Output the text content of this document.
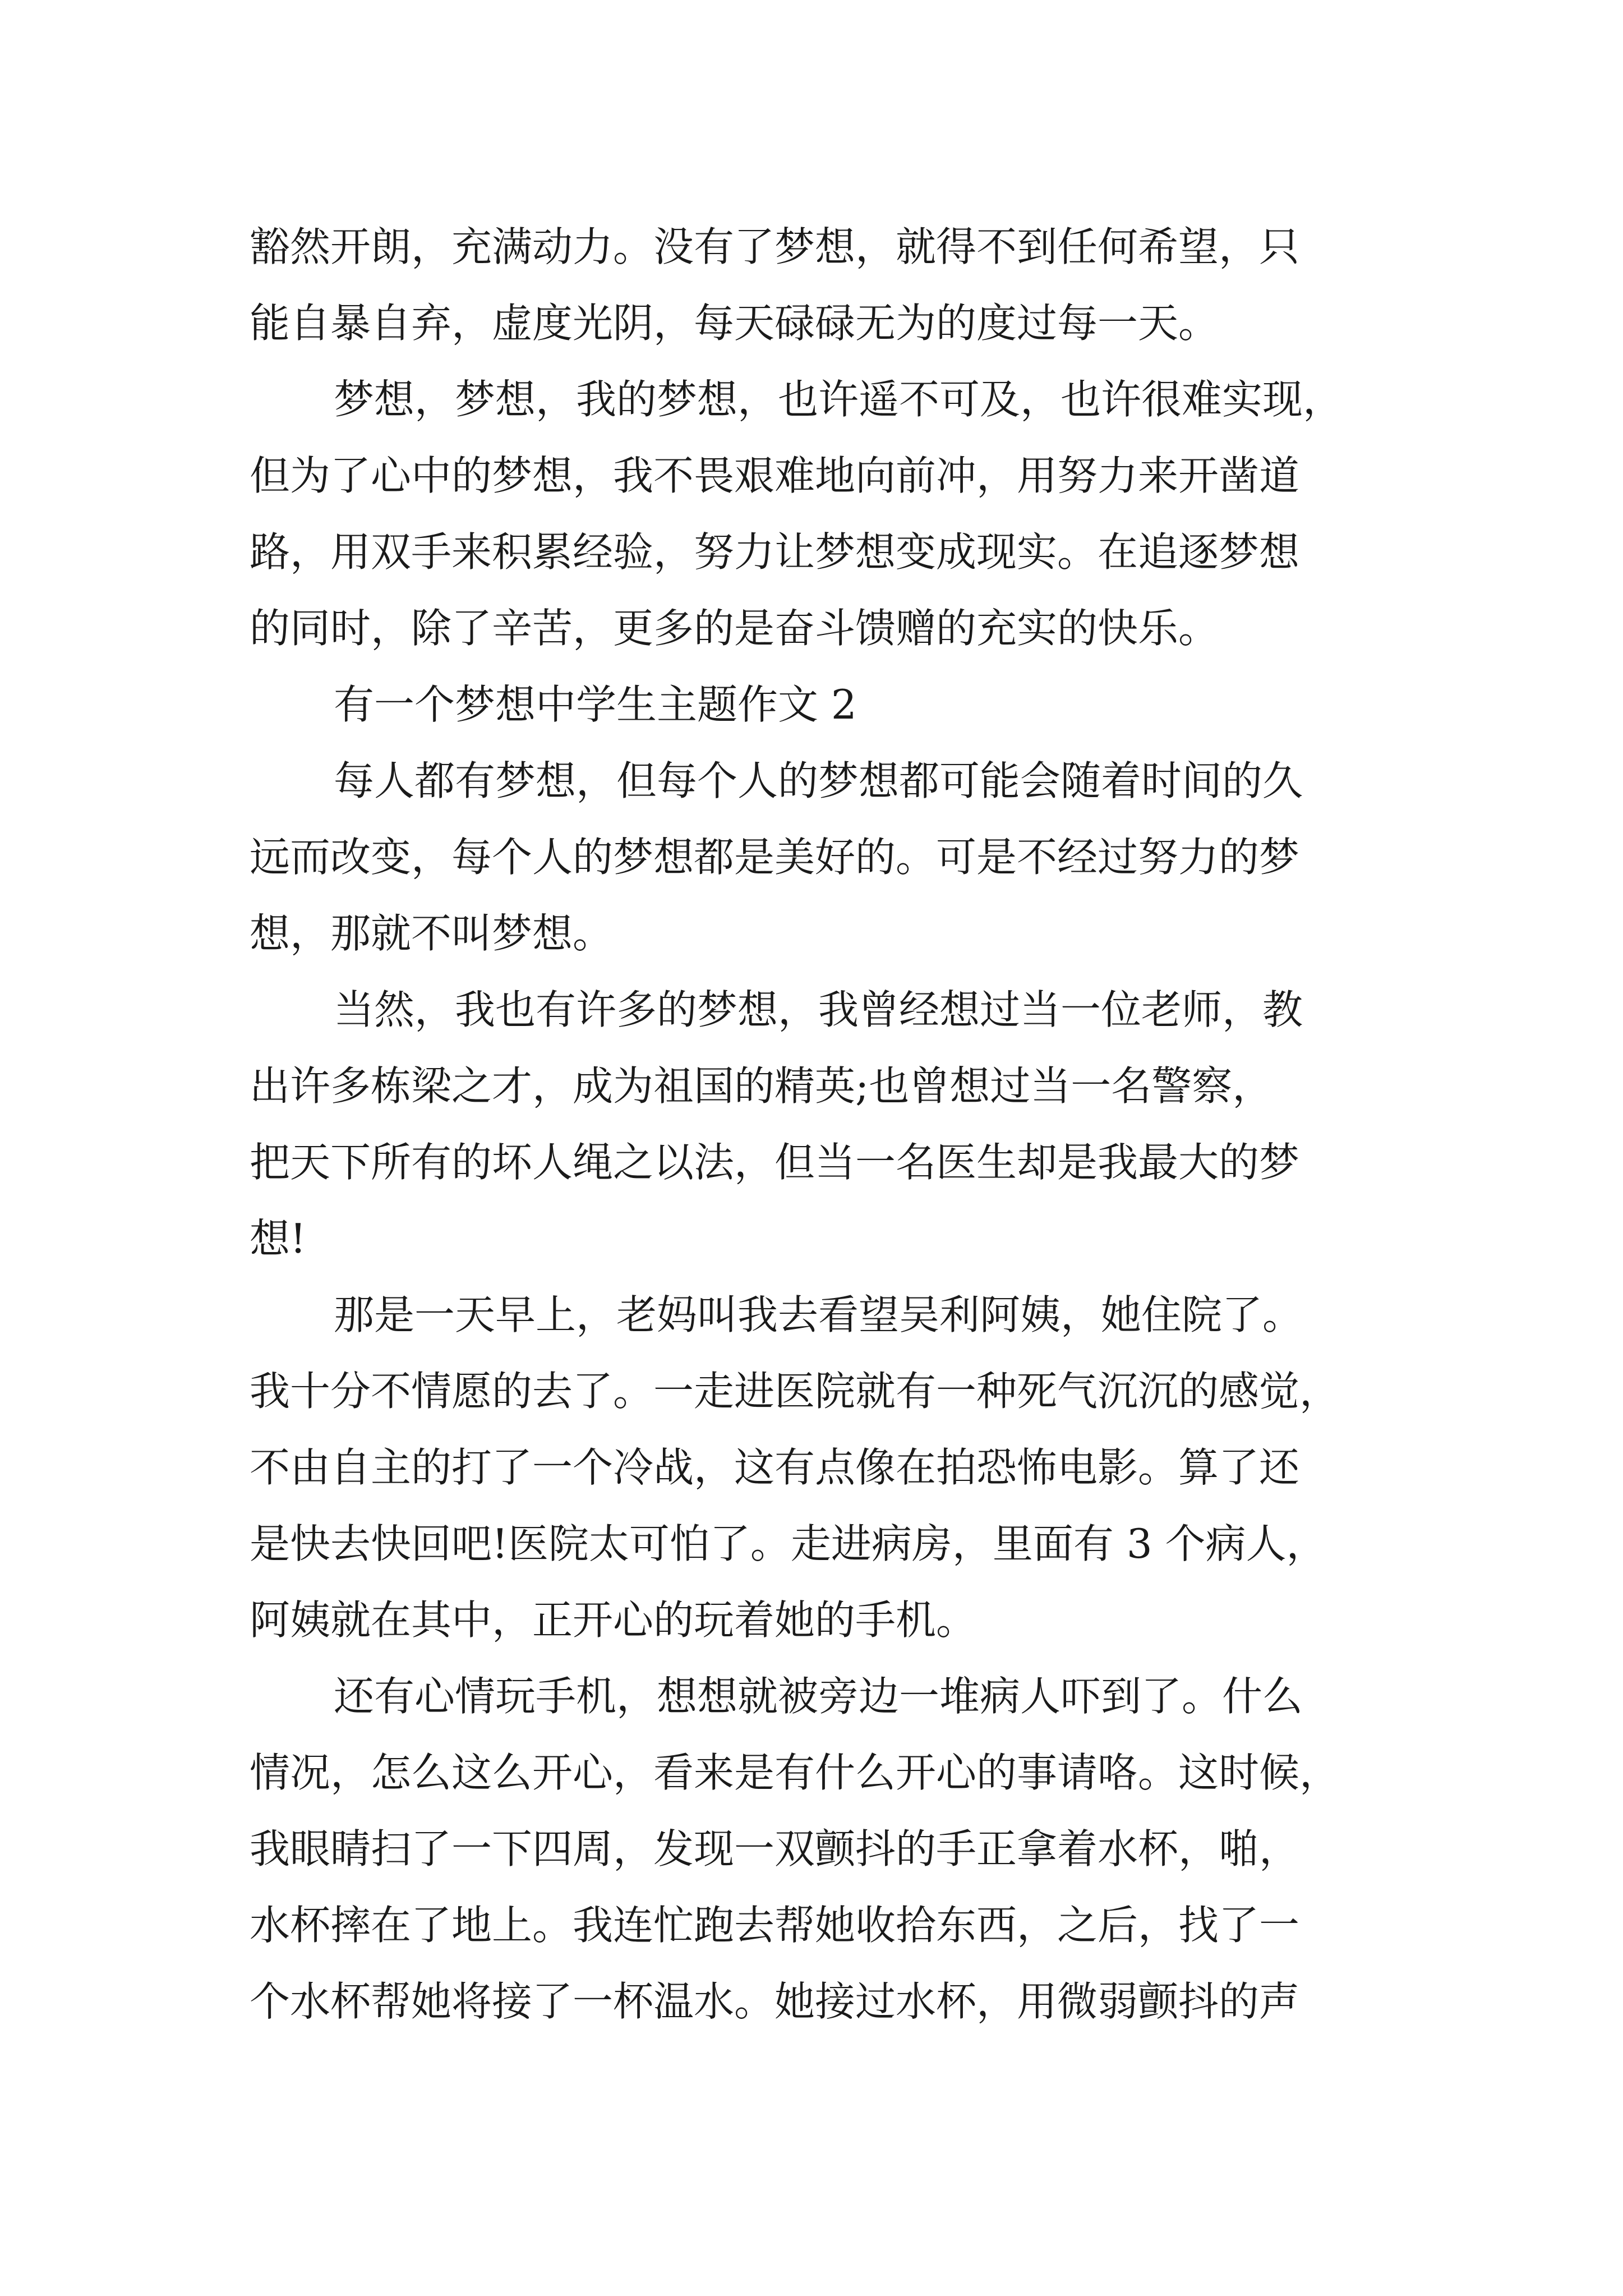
豁然开朗，充满动力。没有了梦想，就得不到任何希望，只
能自暴自弃，虚度光阴，每天碌碌无为的度过每一天。
梦想，梦想，我的梦想，也许遥不可及，也许很难实现，
但为了心中的梦想，我不畏艰难地向前冲，用努力来开凿道
路，用双手来积累经验，努力让梦想变成现实。在追逐梦想
的同时，除了辛苦，更多的是奋斗馈赠的充实的快乐。
有一个梦想中学生主题作文 2
每人都有梦想，但每个人的梦想都可能会随着时间的久
远而改变，每个人的梦想都是美好的。可是不经过努力的梦
想，那就不叫梦想。
当然，我也有许多的梦想，我曾经想过当一位老师，教
出许多栋梁之才，成为祖国的精英;也曾想过当一名警察，
把天下所有的坏人绳之以法，但当一名医生却是我最大的梦
想!
那是一天早上，老妈叫我去看望吴利阿姨，她住院了。
我十分不情愿的去了。一走进医院就有一种死气沉沉的感觉，
不由自主的打了一个冷战，这有点像在拍恐怖电影。算了还
是快去快回吧!医院太可怕了。走进病房，里面有 3 个病人，
阿姨就在其中，正开心的玩着她的手机。
还有心情玩手机，想想就被旁边一堆病人吓到了。什么
情况，怎么这么开心，看来是有什么开心的事请咯。这时候，
我眼睛扫了一下四周，发现一双颤抖的手正拿着水杯，啪，
水杯摔在了地上。我连忙跑去帮她收拾东西，之后，找了一
个水杯帮她将接了一杯温水。她接过水杯，用微弱颤抖的声
